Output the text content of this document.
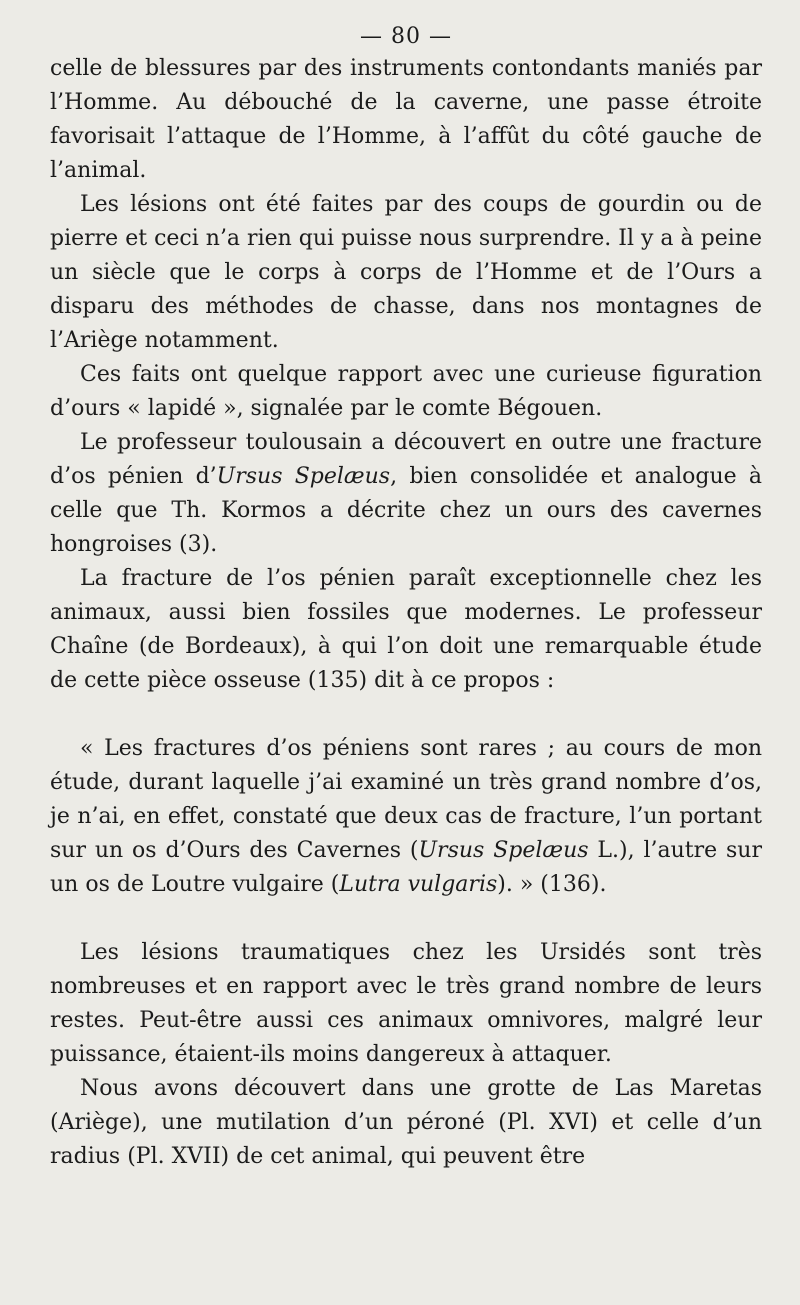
— 80 —

celle de blessures par des instruments contondants maniés par l’Homme. Au débouché de la caverne, une passe étroite favorisait l’attaque de l’Homme, à l’affût du côté gauche de l’animal.

Les lésions ont été faites par des coups de gourdin ou de pierre et ceci n’a rien qui puisse nous surprendre. Il y a à peine un siècle que le corps à corps de l’Homme et de l’Ours a disparu des méthodes de chasse, dans nos montagnes de l’Ariège notamment.

Ces faits ont quelque rapport avec une curieuse figuration d’ours « lapidé », signalée par le comte Bégouen.

Le professeur toulousain a découvert en outre une fracture d’os pénien d’Ursus Spelæus, bien consolidée et analogue à celle que Th. Kormos a décrite chez un ours des cavernes hongroises (3).

La fracture de l’os pénien paraît exceptionnelle chez les animaux, aussi bien fossiles que modernes. Le professeur Chaîne (de Bordeaux), à qui l’on doit une remarquable étude de cette pièce osseuse (135) dit à ce propos :

« Les fractures d’os péniens sont rares ; au cours de mon étude, durant laquelle j’ai examiné un très grand nombre d’os, je n’ai, en effet, constaté que deux cas de fracture, l’un portant sur un os d’Ours des Cavernes (Ursus Spelæus L.), l’autre sur un os de Loutre vulgaire (Lutra vulgaris). » (136).

Les lésions traumatiques chez les Ursidés sont très nombreuses et en rapport avec le très grand nombre de leurs restes. Peut-être aussi ces animaux omnivores, malgré leur puissance, étaient-ils moins dangereux à attaquer.

Nous avons découvert dans une grotte de Las Maretas (Ariège), une mutilation d’un péroné (Pl. XVI) et celle d’un radius (Pl. XVII) de cet animal, qui peuvent être
